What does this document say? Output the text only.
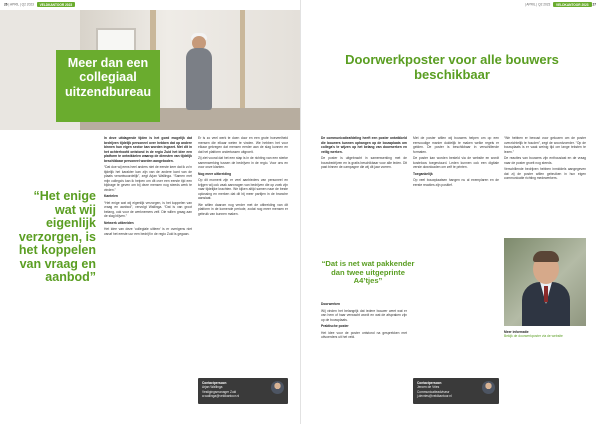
26 | APRIL | Q2 2023 VELDKANTOOR 2023
Meer dan een collegiaal uitzendbureau
“Het enige wat wij eigenlijk verzorgen, is het koppelen van vraag en aanbod”

In deze uitdagende tijden is het goed mogelijk dat bedrijven tijdelijk personeel over hebben dat op andere binnen hun eigen sector kan worden ingezet. Met dit in het achterhoofd ontstond in de regio Zuid het idee een platform te ontwikkelen waarop de diensten van tijdelijk beschikbaar personeel worden aangeboden.

“Dat doe wij eens heel anders niet de eerste keer dat ik zo’n tijdelijk het karakter kan zijn van de andere kant van de plaats verantwoordelijk”, zegt Arjan Wallinga. “Samen met mijn collega's kan ik helpen om dit over een eerste tijd een bijdrage te geven om bij deze mensen nog steeds werk te vinden.”

Kantelen

“Het enige wat wij eigenlijk verzorgen, is het koppelen van vraag en aanbod”, vervolgt Wallinga. “Dat is van groot belang, ook voor de werknemers zelf. Die willen graag aan de slag blijven.”

Netwerk uitbreiden

Het idee van deze ‘collegiale uitleen’ is er overigens niet vanaf het eerste uur een bedrijf in de regio Zuid is gegaan.

Er is zo veel werk te doen door en een grote hoeveelheid mensen die elkaar weten te vinden. We hebben het voor elkaar gekregen dat mensen eerder aan de slag kunnen en dat het platform ondertussen uitgroeit.

Zij ziet vooral dat het een stap is in de richting van een sterke samenwerking tussen de bedrijven in de regio. Voor ons en voor onze klanten.

Nog meer uitbreiding

Op dit moment zijn er veel aanbieders van personeel en krijgen wij ook vaak aanvragen van bedrijven die op zoek zijn naar tijdelijke krachten. We kijken altijd samen naar de beste oplossing en merken dat dit bij meer partijen in de branche aanslaat.

We willen daarom nog verder met de uitbreiding van dit platform in de komende periode, zodat nog meer mensen er gebruik van kunnen maken.

Contactpersoon
Arjan Wallinga
Vestigingsmanager Zuid
a.wallinga@veldkantoor.nl
| APRIL | Q2 2023 VELDKANTOOR 2023 27
Doorwerkposter voor alle bouwers beschikbaar

De communicatieafdeling heeft een poster ontwikkeld die bouwers kunnen ophangen op de bouwplaats om collega's te wijzen op het belang van doorwerken en veilig werken.

De poster is uitgebracht in samenwerking met de bouwbedrijven en is gratis beschikbaar voor alle leden. Dit past binnen de campagne die wij dit jaar voeren.

“Dat is net wat pakkender dan twee uitgeprinte A4’tjes”

Doorwerken

Wij vinden het belangrijk dat iedere bouwer weet wat er van hem of haar verwacht wordt en wat de afspraken zijn op de bouwplaats.

Praktische poster

Het idee voor de poster ontstond na gesprekken met uitvoerders uit het veld.

Met de poster willen wij bouwers helpen om op een eenvoudige manier duidelijk te maken welke regels er gelden. De poster is beschikbaar in verschillende formaten.

De poster kan worden besteld via de website en wordt kosteloos toegestuurd. Leden kunnen ook een digitale versie downloaden om zelf te printen.

Toegankelijk

Op veel bouwplaatsen hangen nu al exemplaren en de eerste reacties zijn positief.

“We hebben er bewust voor gekozen om de poster overzichtelijk te houden”, zegt de woordvoerder. “Op de bouwplaats is er vaak weinig tijd om lange teksten te lezen.”

De reacties van bouwers zijn enthousiast en de vraag naar de poster groeit nog steeds.

Verschillende bedrijven hebben inmiddels aangegeven dat zij de poster willen gebruiken in hun eigen communicatie richting medewerkers.

Meer informatie
Bekijk de doorwerkposter via de website
Contactpersoon
Jeroen de Vries
Communicatieadviseur
j.devries@veldkantoor.nl
